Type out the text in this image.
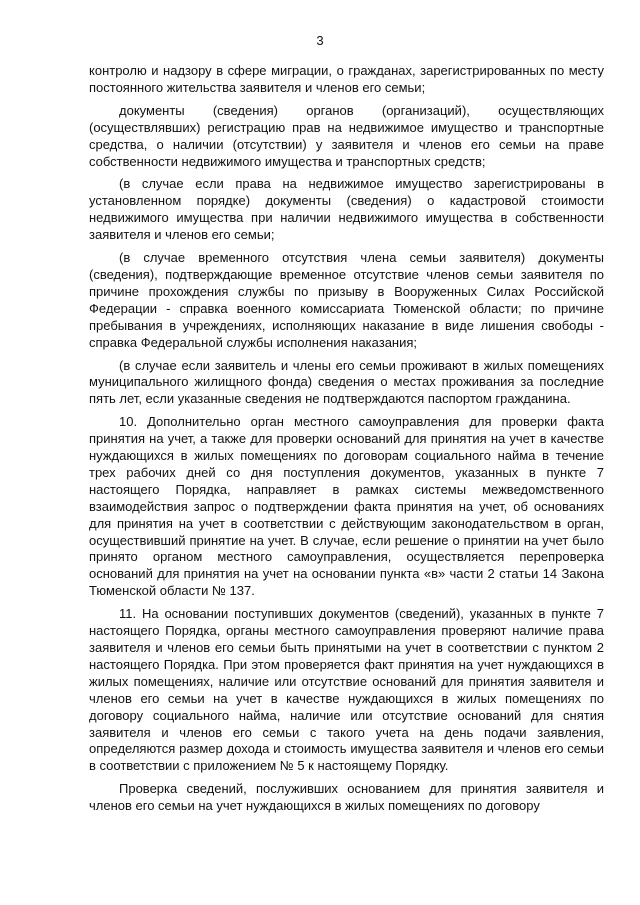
3

контролю и надзору в сфере миграции, о гражданах, зарегистрированных по месту постоянного жительства заявителя и членов его семьи;

документы (сведения) органов (организаций), осуществляющих (осуществлявших) регистрацию прав на недвижимое имущество и транспортные средства, о наличии (отсутствии) у заявителя и членов его семьи на праве собственности недвижимого имущества и транспортных средств;

(в случае если права на недвижимое имущество зарегистрированы в установленном порядке) документы (сведения) о кадастровой стоимости недвижимого имущества при наличии недвижимого имущества в собственности заявителя и членов его семьи;

(в случае временного отсутствия члена семьи заявителя) документы (сведения), подтверждающие временное отсутствие членов семьи заявителя по причине прохождения службы по призыву в Вооруженных Силах Российской Федерации - справка военного комиссариата Тюменской области; по причине пребывания в учреждениях, исполняющих наказание в виде лишения свободы - справка Федеральной службы исполнения наказания;

(в случае если заявитель и члены его семьи проживают в жилых помещениях муниципального жилищного фонда) сведения о местах проживания за последние пять лет, если указанные сведения не подтверждаются паспортом гражданина.

10. Дополнительно орган местного самоуправления для проверки факта принятия на учет, а также для проверки оснований для принятия на учет в качестве нуждающихся в жилых помещениях по договорам социального найма в течение трех рабочих дней со дня поступления документов, указанных в пункте 7 настоящего Порядка, направляет в рамках системы межведомственного взаимодействия запрос о подтверждении факта принятия на учет, об основаниях для принятия на учет в соответствии с действующим законодательством в орган, осуществивший принятие на учет. В случае, если решение о принятии на учет было принято органом местного самоуправления, осуществляется перепроверка оснований для принятия на учет на основании пункта «в» части 2 статьи 14 Закона Тюменской области № 137.

11. На основании поступивших документов (сведений), указанных в пункте 7 настоящего Порядка, органы местного самоуправления проверяют наличие права заявителя и членов его семьи быть принятыми на учет в соответствии с пунктом 2 настоящего Порядка. При этом проверяется факт принятия на учет нуждающихся в жилых помещениях, наличие или отсутствие оснований для принятия заявителя и членов его семьи на учет в качестве нуждающихся в жилых помещениях по договору социального найма, наличие или отсутствие оснований для снятия заявителя и членов его семьи с такого учета на день подачи заявления, определяются размер дохода и стоимость имущества заявителя и членов его семьи в соответствии с приложением № 5 к настоящему Порядку.

Проверка сведений, послуживших основанием для принятия заявителя и членов его семьи на учет нуждающихся в жилых помещениях по договору
